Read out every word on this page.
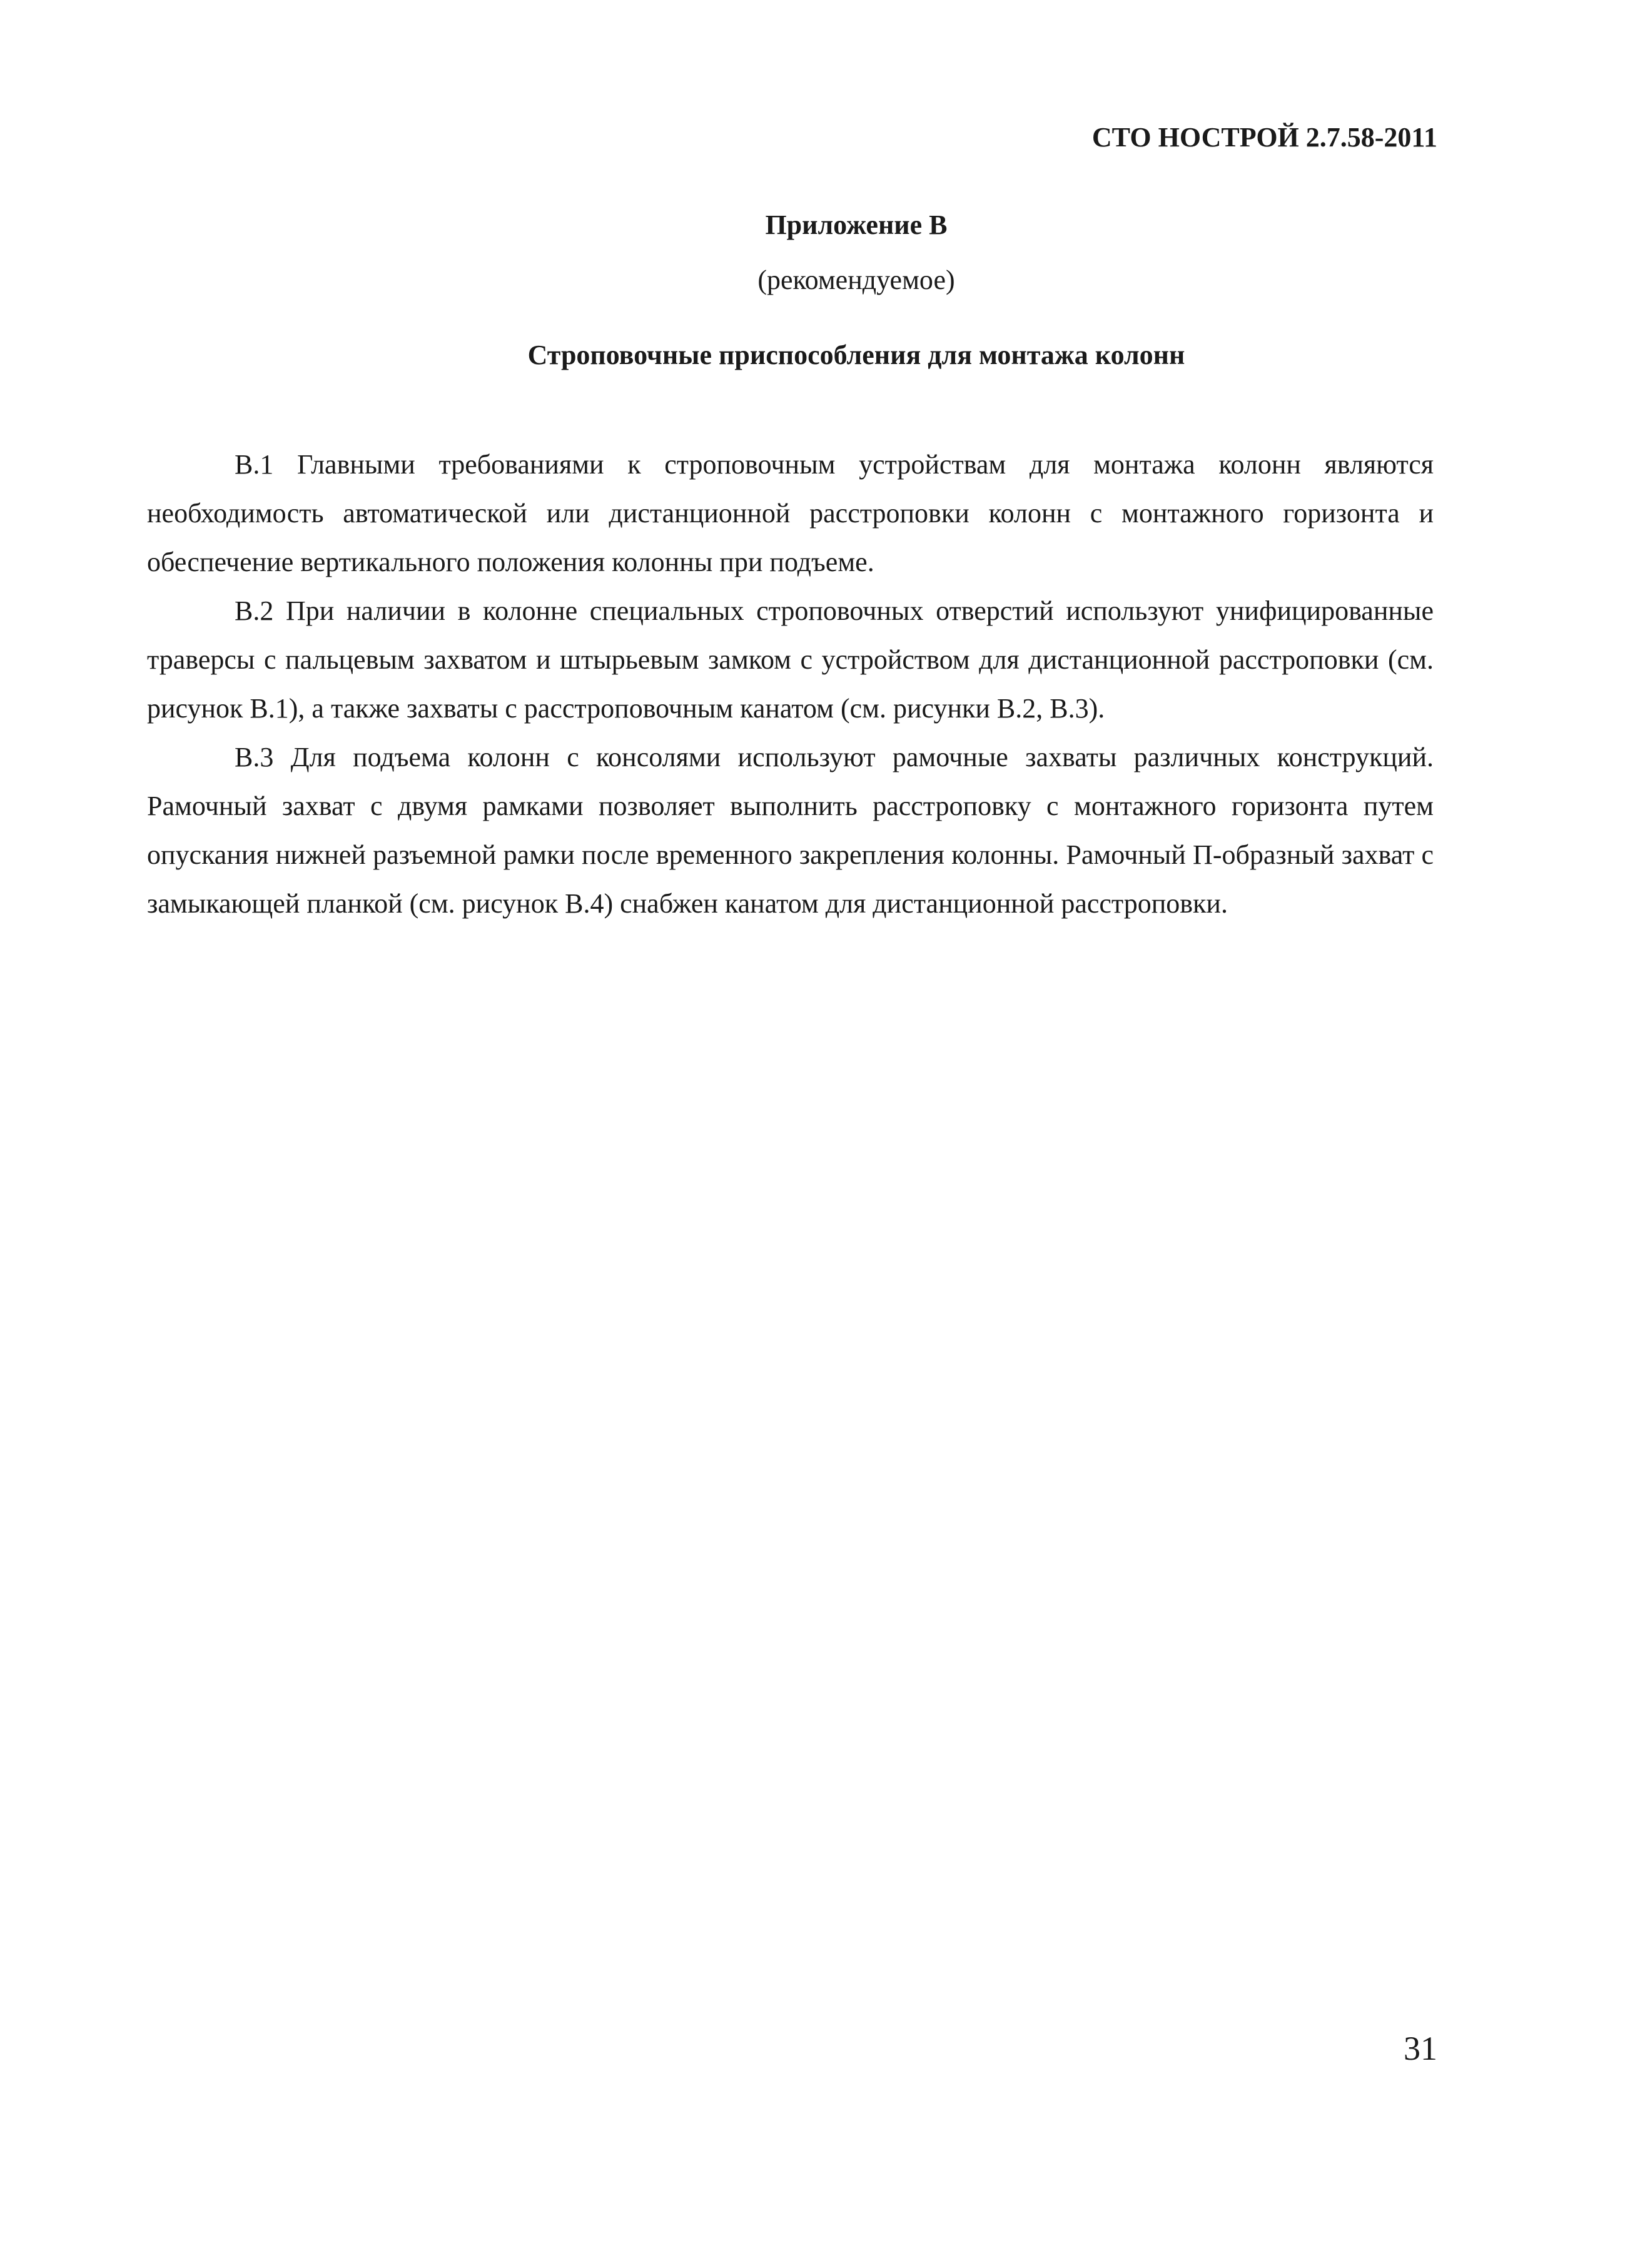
СТО НОСТРОЙ 2.7.58-2011
Приложение В
(рекомендуемое)
Строповочные приспособления для монтажа колонн

В.1 Главными требованиями к строповочным устройствам для монтажа колонн являются необходимость автоматической или дистанционной расстроповки колонн с монтажного горизонта и обеспечение вертикального положения колонны при подъеме.

В.2 При наличии в колонне специальных строповочных отверстий используют унифицированные траверсы с пальцевым захватом и штырьевым замком с устройством для дистанционной расстроповки (см. рисунок В.1), а также захваты с расстроповочным канатом (см. рисунки В.2, В.3).

В.3 Для подъема колонн с консолями используют рамочные захваты различных конструкций. Рамочный захват с двумя рамками позволяет выполнить расстроповку с монтажного горизонта путем опускания нижней разъемной рамки после временного закрепления колонны. Рамочный П-образный захват с замыкающей планкой (см. рисунок В.4) снабжен канатом для дистанционной расстроповки.

31
